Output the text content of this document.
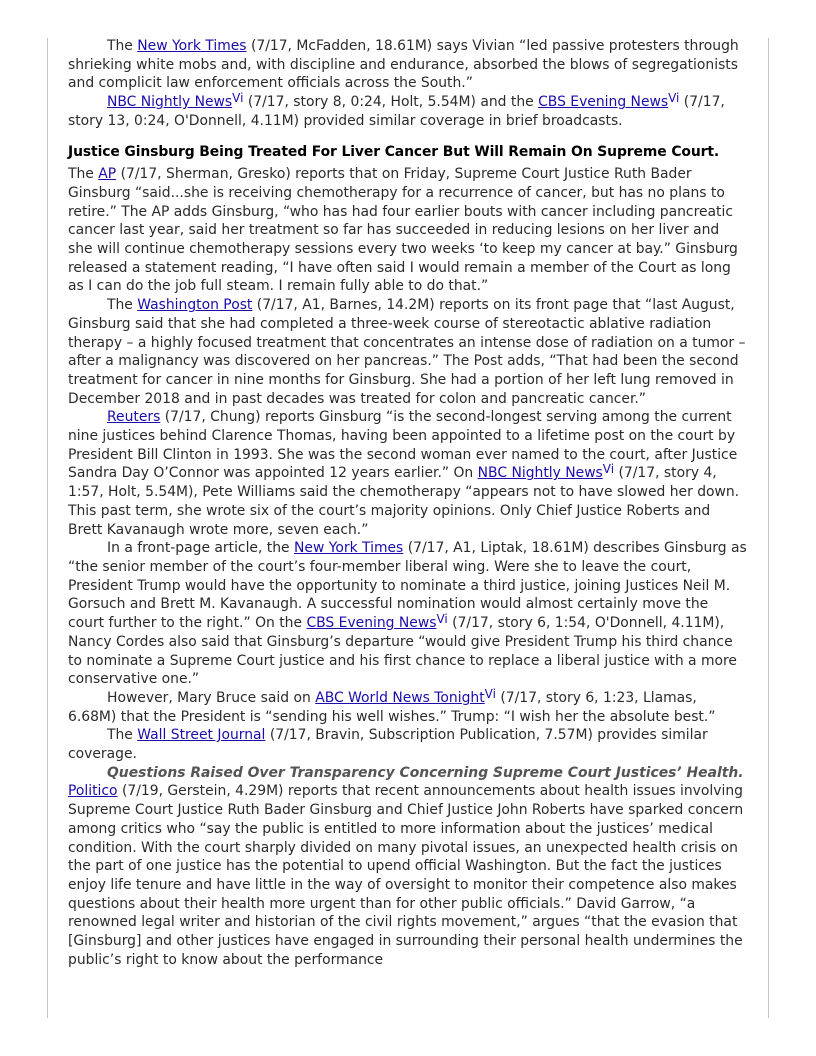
The New York Times (7/17, McFadden, 18.61M) says Vivian “led passive protesters through shrieking white mobs and, with discipline and endurance, absorbed the blows of segregationists and complicit law enforcement officials across the South.”

NBC Nightly News$^{Vi}$ (7/17, story 8, 0:24, Holt, 5.54M) and the CBS Evening News$^{Vi}$ (7/17, story 13, 0:24, O'Donnell, 4.11M) provided similar coverage in brief broadcasts.

Justice Ginsburg Being Treated For Liver Cancer But Will Remain On Supreme Court.

The AP (7/17, Sherman, Gresko) reports that on Friday, Supreme Court Justice Ruth Bader Ginsburg “said...she is receiving chemotherapy for a recurrence of cancer, but has no plans to retire.” The AP adds Ginsburg, “who has had four earlier bouts with cancer including pancreatic cancer last year, said her treatment so far has succeeded in reducing lesions on her liver and she will continue chemotherapy sessions every two weeks ‘to keep my cancer at bay.” Ginsburg released a statement reading, “I have often said I would remain a member of the Court as long as I can do the job full steam. I remain fully able to do that.”

The Washington Post (7/17, A1, Barnes, 14.2M) reports on its front page that “last August, Ginsburg said that she had completed a three-week course of stereotactic ablative radiation therapy – a highly focused treatment that concentrates an intense dose of radiation on a tumor – after a malignancy was discovered on her pancreas.” The Post adds, “That had been the second treatment for cancer in nine months for Ginsburg. She had a portion of her left lung removed in December 2018 and in past decades was treated for colon and pancreatic cancer.”

Reuters (7/17, Chung) reports Ginsburg “is the second-longest serving among the current nine justices behind Clarence Thomas, having been appointed to a lifetime post on the court by President Bill Clinton in 1993. She was the second woman ever named to the court, after Justice Sandra Day O’Connor was appointed 12 years earlier.” On NBC Nightly News$^{Vi}$ (7/17, story 4, 1:57, Holt, 5.54M), Pete Williams said the chemotherapy “appears not to have slowed her down. This past term, she wrote six of the court’s majority opinions. Only Chief Justice Roberts and Brett Kavanaugh wrote more, seven each.”

In a front-page article, the New York Times (7/17, A1, Liptak, 18.61M) describes Ginsburg as “the senior member of the court’s four-member liberal wing. Were she to leave the court, President Trump would have the opportunity to nominate a third justice, joining Justices Neil M. Gorsuch and Brett M. Kavanaugh. A successful nomination would almost certainly move the court further to the right.” On the CBS Evening News$^{Vi}$ (7/17, story 6, 1:54, O'Donnell, 4.11M), Nancy Cordes also said that Ginsburg’s departure “would give President Trump his third chance to nominate a Supreme Court justice and his first chance to replace a liberal justice with a more conservative one.”

However, Mary Bruce said on ABC World News Tonight$^{Vi}$ (7/17, story 6, 1:23, Llamas, 6.68M) that the President is “sending his well wishes.” Trump: “I wish her the absolute best.”

The Wall Street Journal (7/17, Bravin, Subscription Publication, 7.57M) provides similar coverage.

Questions Raised Over Transparency Concerning Supreme Court Justices’ Health. Politico (7/19, Gerstein, 4.29M) reports that recent announcements about health issues involving Supreme Court Justice Ruth Bader Ginsburg and Chief Justice John Roberts have sparked concern among critics who “say the public is entitled to more information about the justices’ medical condition. With the court sharply divided on many pivotal issues, an unexpected health crisis on the part of one justice has the potential to upend official Washington. But the fact the justices enjoy life tenure and have little in the way of oversight to monitor their competence also makes questions about their health more urgent than for other public officials.” David Garrow, “a renowned legal writer and historian of the civil rights movement,” argues “that the evasion that [Ginsburg] and other justices have engaged in surrounding their personal health undermines the public’s right to know about the performance
